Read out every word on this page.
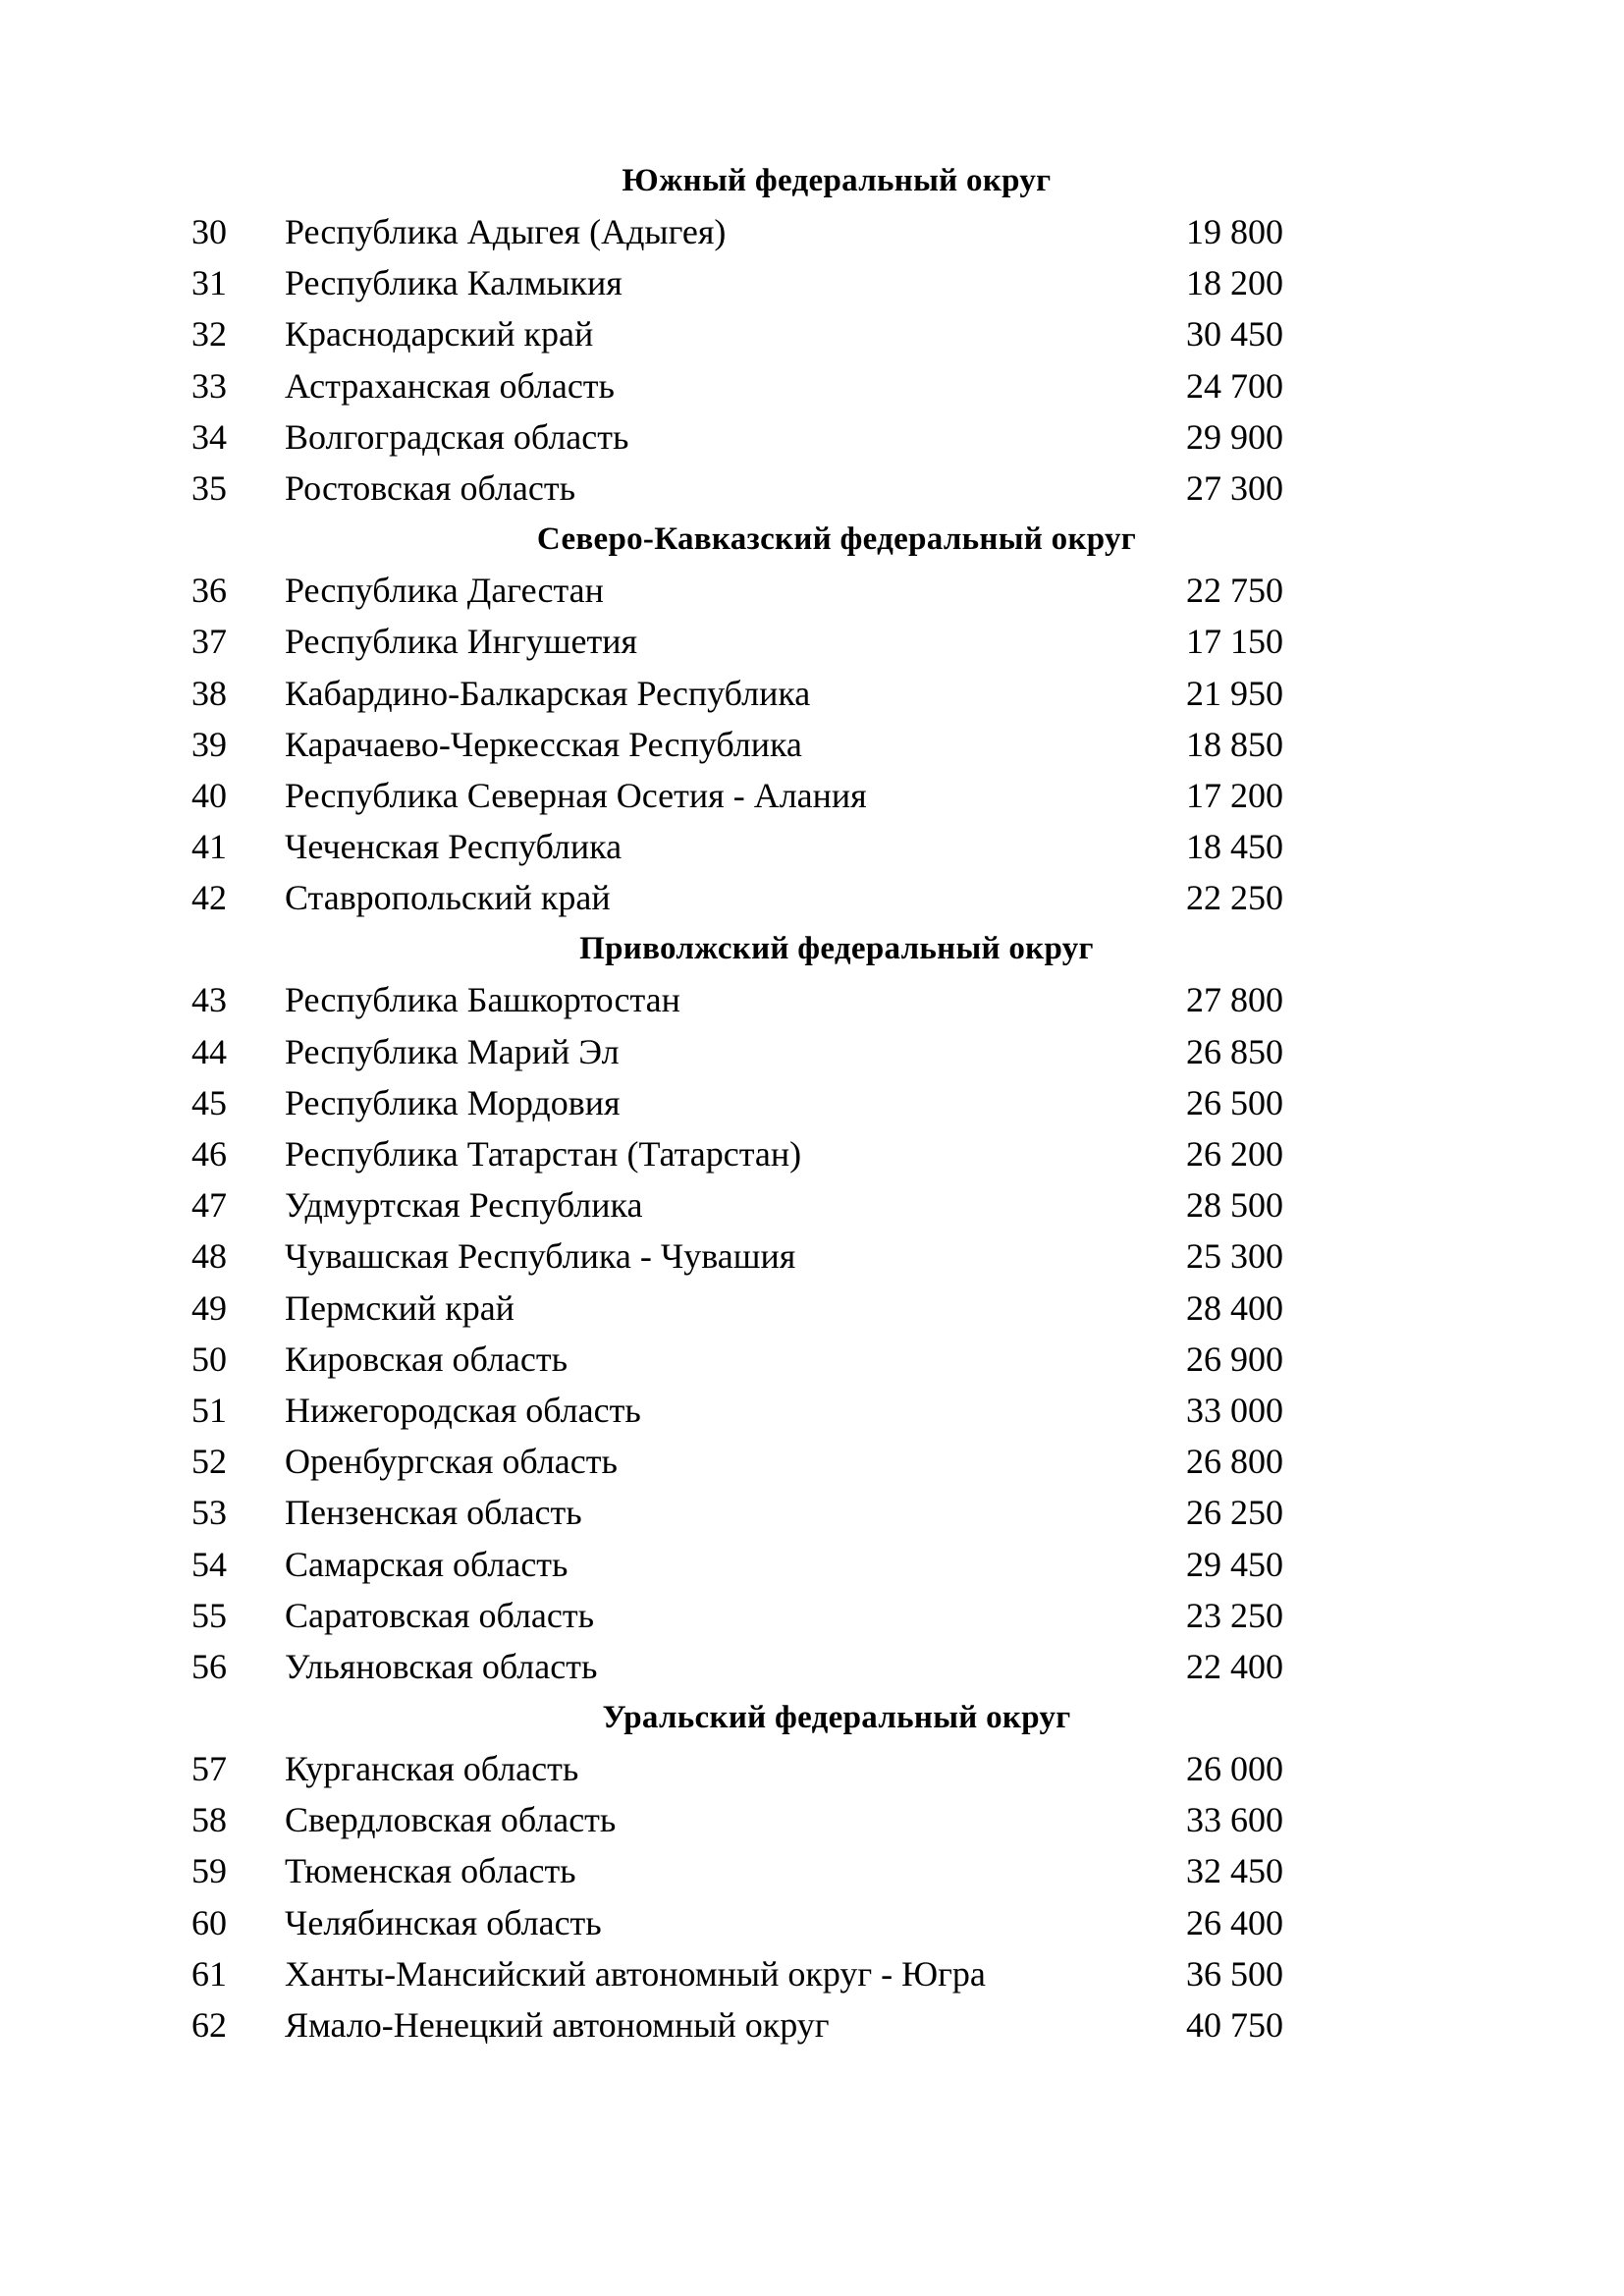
Южный федеральный округ
30	Республика Адыгея (Адыгея)	19 800
31	Республика Калмыкия	18 200
32	Краснодарский край	30 450
33	Астраханская область	24 700
34	Волгоградская область	29 900
35	Ростовская область	27 300
Северо-Кавказский федеральный округ
36	Республика Дагестан	22 750
37	Республика Ингушетия	17 150
38	Кабардино-Балкарская Республика	21 950
39	Карачаево-Черкесская Республика	18 850
40	Республика Северная Осетия - Алания	17 200
41	Чеченская Республика	18 450
42	Ставропольский край	22 250
Приволжский федеральный округ
43	Республика Башкортостан	27 800
44	Республика Марий Эл	26 850
45	Республика Мордовия	26 500
46	Республика Татарстан (Татарстан)	26 200
47	Удмуртская Республика	28 500
48	Чувашская Республика - Чувашия	25 300
49	Пермский край	28 400
50	Кировская область	26 900
51	Нижегородская область	33 000
52	Оренбургская область	26 800
53	Пензенская область	26 250
54	Самарская область	29 450
55	Саратовская область	23 250
56	Ульяновская область	22 400
Уральский федеральный округ
57	Курганская область	26 000
58	Свердловская область	33 600
59	Тюменская область	32 450
60	Челябинская область	26 400
61	Ханты-Мансийский автономный округ - Югра	36 500
62	Ямало-Ненецкий автономный округ	40 750
